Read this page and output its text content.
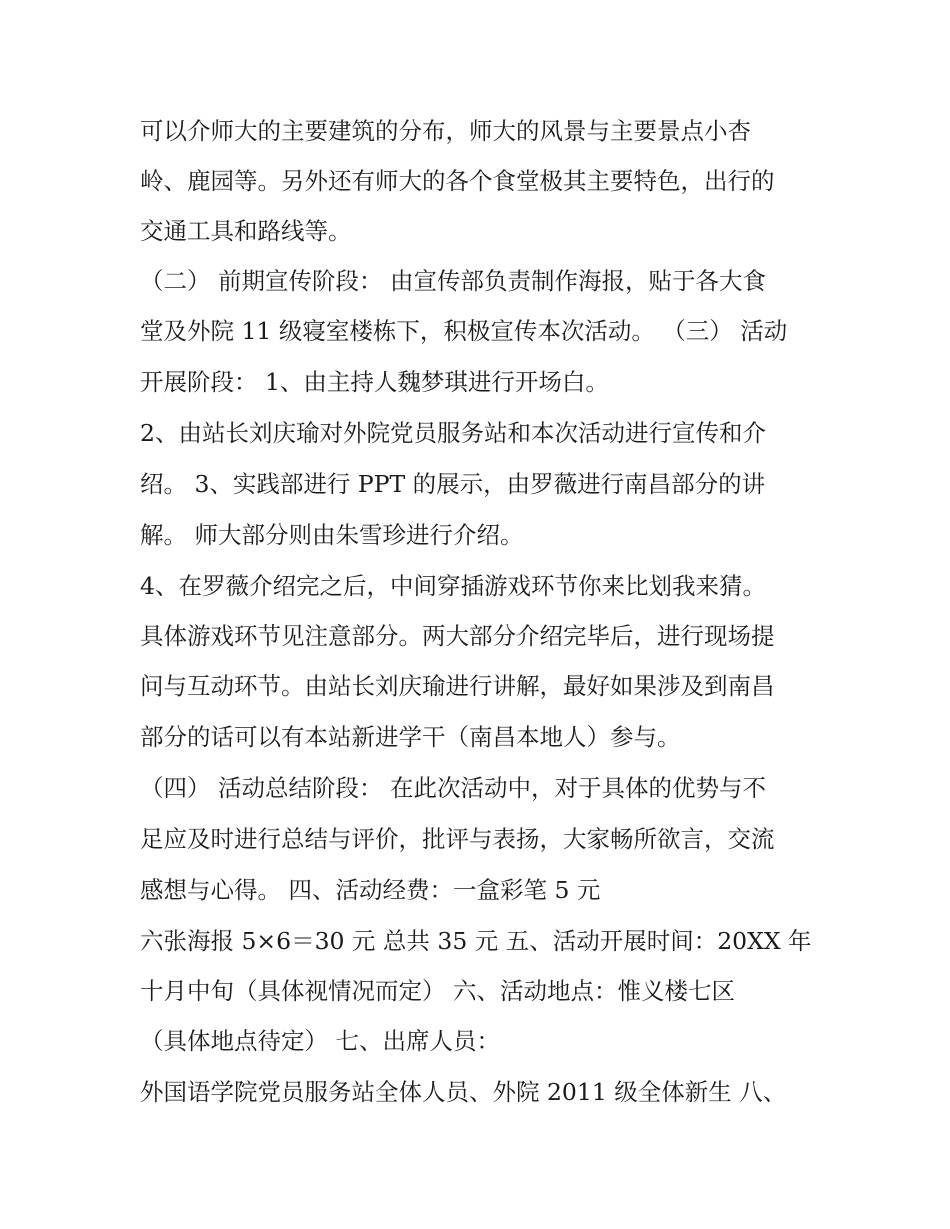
可以介师大的主要建筑的分布，师大的风景与主要景点小杏

岭、鹿园等。另外还有师大的各个食堂极其主要特色，出行的

交通工具和路线等。

（二） 前期宣传阶段： 由宣传部负责制作海报，贴于各大食

堂及外院 11 级寝室楼栋下，积极宣传本次活动。 （三） 活动

开展阶段： 1、由主持人魏梦琪进行开场白。

2、由站长刘庆瑜对外院党员服务站和本次活动进行宣传和介

绍。 3、实践部进行 PPT 的展示，由罗薇进行南昌部分的讲

解。 师大部分则由朱雪珍进行介绍。

4、在罗薇介绍完之后，中间穿插游戏环节你来比划我来猜。

具体游戏环节见注意部分。两大部分介绍完毕后，进行现场提

问与互动环节。由站长刘庆瑜进行讲解，最好如果涉及到南昌

部分的话可以有本站新进学干（南昌本地人）参与。

（四） 活动总结阶段： 在此次活动中，对于具体的优势与不

足应及时进行总结与评价，批评与表扬，大家畅所欲言，交流

感想与心得。 四、活动经费：一盒彩笔 5 元

六张海报 5×6＝30 元 总共 35 元 五、活动开展时间：20XX 年

十月中旬（具体视情况而定） 六、活动地点：惟义楼七区

（具体地点待定） 七、出席人员：

外国语学院党员服务站全体人员、外院 2011 级全体新生 八、
